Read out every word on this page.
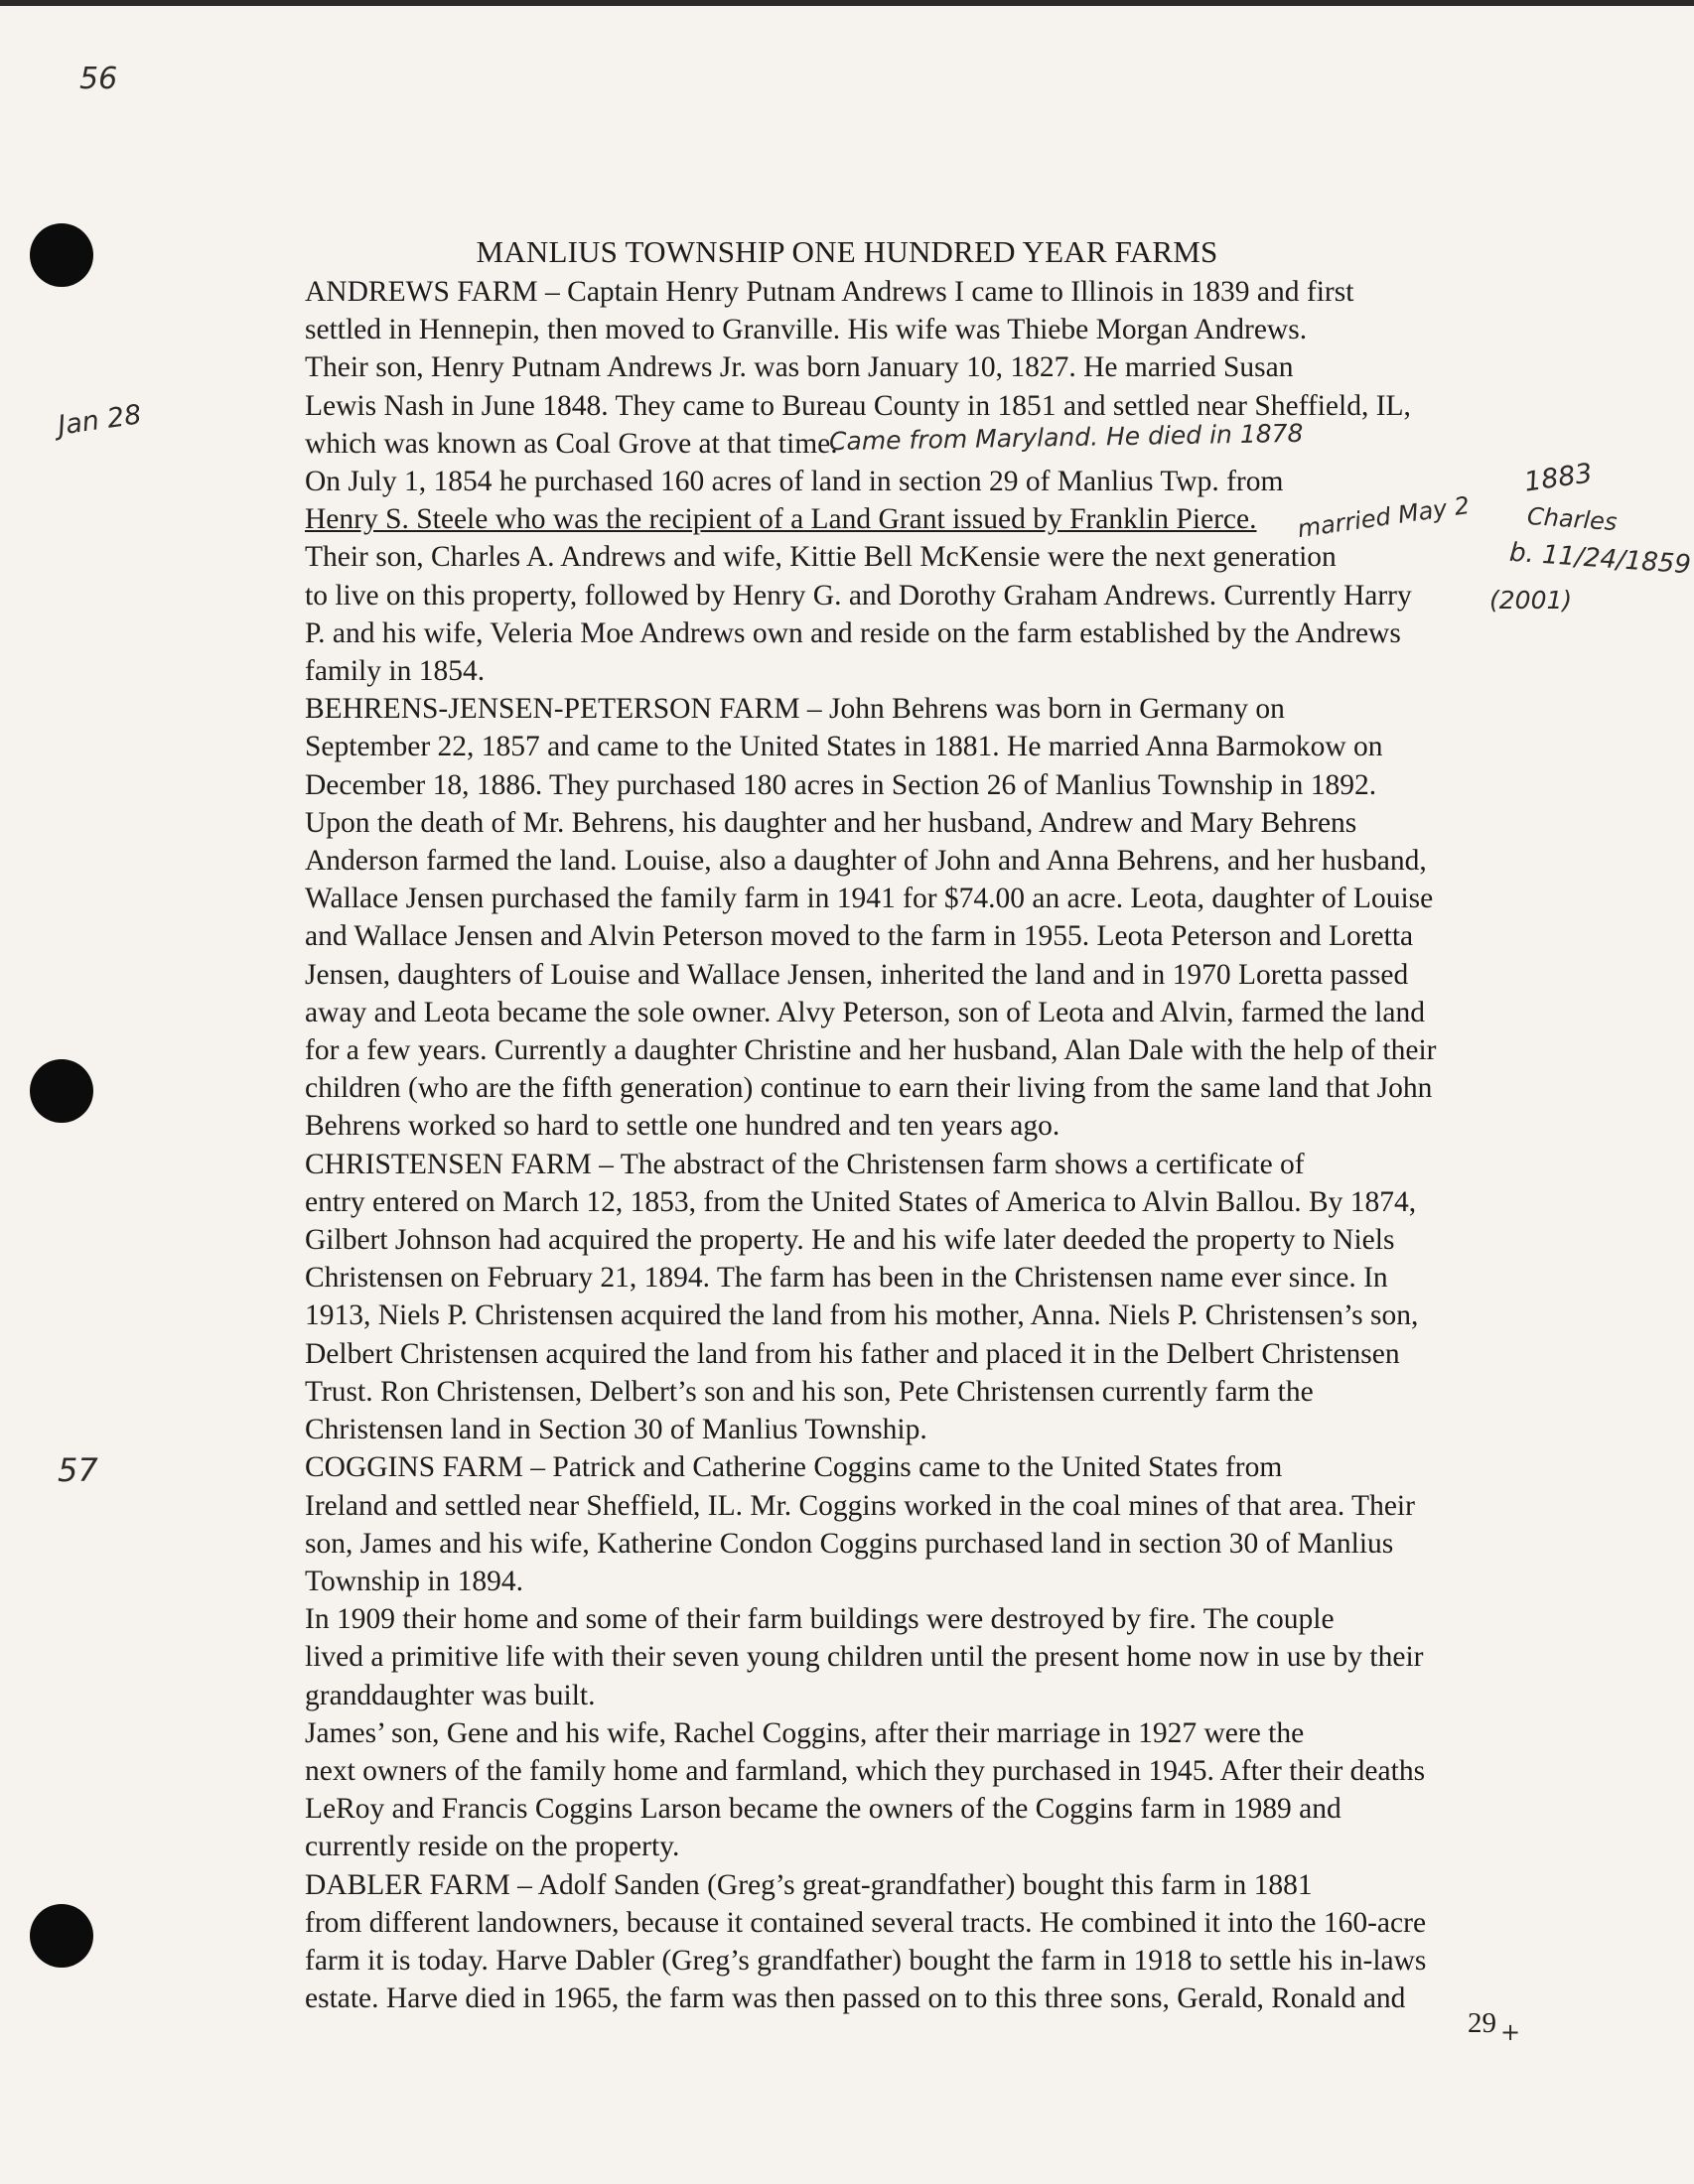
56
Jan 28
57
MANLIUS TOWNSHIP ONE HUNDRED YEAR FARMS

ANDREWS FARM – Captain Henry Putnam Andrews I came to Illinois in 1839 and first
settled in Hennepin, then moved to Granville. His wife was Thiebe Morgan Andrews.

Their son, Henry Putnam Andrews Jr. was born January 10, 1827. He married Susan
Lewis Nash in June 1848. They came to Bureau County in 1851 and settled near Sheffield, IL,
which was known as Coal Grove at that time.

On July 1, 1854 he purchased 160 acres of land in section 29 of Manlius Twp. from
Henry S. Steele who was the recipient of a Land Grant issued by Franklin Pierce.

Their son, Charles A. Andrews and wife, Kittie Bell McKensie were the next generation
to live on this property, followed by Henry G. and Dorothy Graham Andrews. Currently Harry
P. and his wife, Veleria Moe Andrews own and reside on the farm established by the Andrews
family in 1854.

BEHRENS-JENSEN-PETERSON FARM – John Behrens was born in Germany on
September 22, 1857 and came to the United States in 1881. He married Anna Barmokow on
December 18, 1886. They purchased 180 acres in Section 26 of Manlius Township in 1892.
Upon the death of Mr. Behrens, his daughter and her husband, Andrew and Mary Behrens
Anderson farmed the land. Louise, also a daughter of John and Anna Behrens, and her husband,
Wallace Jensen purchased the family farm in 1941 for $74.00 an acre. Leota, daughter of Louise
and Wallace Jensen and Alvin Peterson moved to the farm in 1955. Leota Peterson and Loretta
Jensen, daughters of Louise and Wallace Jensen, inherited the land and in 1970 Loretta passed
away and Leota became the sole owner. Alvy Peterson, son of Leota and Alvin, farmed the land
for a few years. Currently a daughter Christine and her husband, Alan Dale with the help of their
children (who are the fifth generation) continue to earn their living from the same land that John
Behrens worked so hard to settle one hundred and ten years ago.

CHRISTENSEN FARM – The abstract of the Christensen farm shows a certificate of
entry entered on March 12, 1853, from the United States of America to Alvin Ballou. By 1874,
Gilbert Johnson had acquired the property. He and his wife later deeded the property to Niels
Christensen on February 21, 1894. The farm has been in the Christensen name ever since. In
1913, Niels P. Christensen acquired the land from his mother, Anna. Niels P. Christensen’s son,
Delbert Christensen acquired the land from his father and placed it in the Delbert Christensen
Trust. Ron Christensen, Delbert’s son and his son, Pete Christensen currently farm the
Christensen land in Section 30 of Manlius Township.

COGGINS FARM – Patrick and Catherine Coggins came to the United States from
Ireland and settled near Sheffield, IL. Mr. Coggins worked in the coal mines of that area. Their
son, James and his wife, Katherine Condon Coggins purchased land in section 30 of Manlius
Township in 1894.

In 1909 their home and some of their farm buildings were destroyed by fire. The couple
lived a primitive life with their seven young children until the present home now in use by their
granddaughter was built.

James’ son, Gene and his wife, Rachel Coggins, after their marriage in 1927 were the
next owners of the family home and farmland, which they purchased in 1945. After their deaths
LeRoy and Francis Coggins Larson became the owners of the Coggins farm in 1989 and
currently reside on the property.

DABLER FARM – Adolf Sanden (Greg’s great-grandfather) bought this farm in 1881
from different landowners, because it contained several tracts. He combined it into the 160-acre
farm it is today. Harve Dabler (Greg’s grandfather) bought the farm in 1918 to settle his in-laws
estate. Harve died in 1965, the farm was then passed on to this three sons, Gerald, Ronald and

Came from Maryland. He died in 1878
1883
married May 2 Charles
b. 11/24/1859
(2001)
29 $_+$
